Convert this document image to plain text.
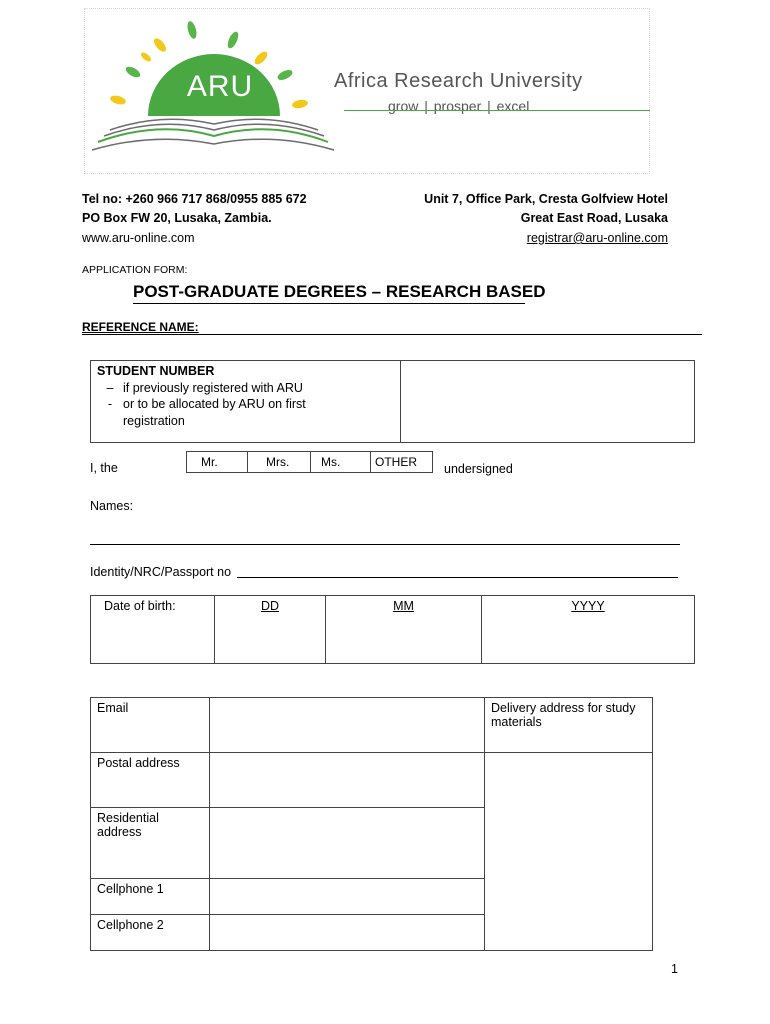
ARU	Africa Research University
grow | prosper | excel
Tel no: +260 966 717 868/0955 885 672
PO Box FW 20, Lusaka, Zambia.
www.aru-online.com
Unit 7, Office Park, Cresta Golfview Hotel
Great East Road, Lusaka
registrar@aru-online.com
APPLICATION FORM:
POST-GRADUATE DEGREES – RESEARCH BASED
REFERENCE NAME:
STUDENT NUMBER
– if previously registered with ARU
- or to be allocated by ARU on first
registration
I, the	Mr.	Mrs.	Ms.	OTHER	undersigned
Names:
Identity/NRC/Passport no
Date of birth:	DD	MM	YYYY
Email		Delivery address for study materials
Postal address		
Residential address		
Cellphone 1		
Cellphone 2		
1
